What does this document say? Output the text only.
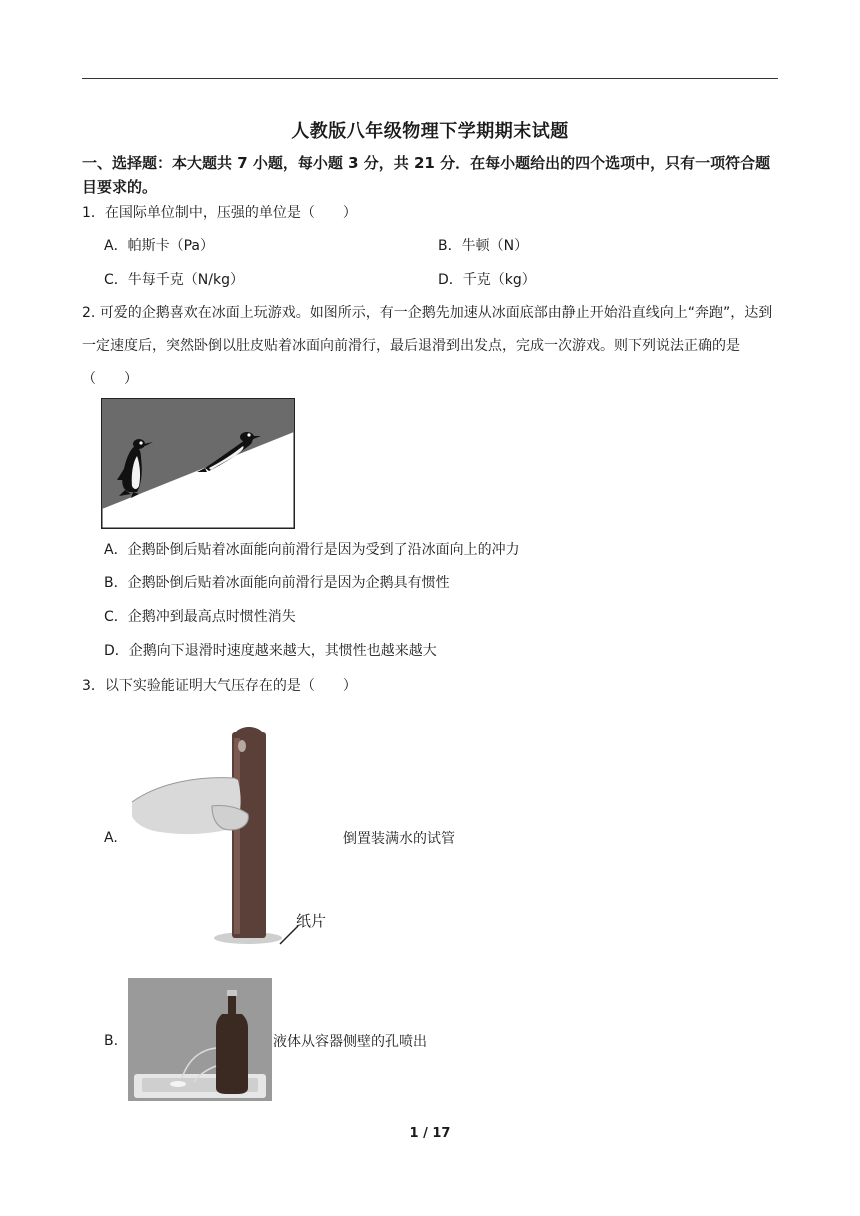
人教版八年级物理下学期期末试题
一、选择题：本大题共 7 小题，每小题 3 分，共 21 分．在每小题给出的四个选项中，只有一项符合题目要求的。
1．在国际单位制中，压强的单位是（　　）
A．帕斯卡（Pa）	B．牛顿（N）
C．牛每千克（N/kg）	D．千克（kg）
2. 可爱的企鹅喜欢在冰面上玩游戏。如图所示，有一企鹅先加速从冰面底部由静止开始沿直线向上“奔跑”，达到一定速度后，突然卧倒以肚皮贴着冰面向前滑行，最后退滑到出发点，完成一次游戏。则下列说法正确的是（　　）
A．企鹅卧倒后贴着冰面能向前滑行是因为受到了沿冰面向上的冲力
B．企鹅卧倒后贴着冰面能向前滑行是因为企鹅具有惯性
C．企鹅冲到最高点时惯性消失
D．企鹅向下退滑时速度越来越大，其惯性也越来越大
3．以下实验能证明大气压存在的是（　　）
A.
纸片
倒置装满水的试管
B.	液体从容器侧壁的孔喷出
1 / 17
